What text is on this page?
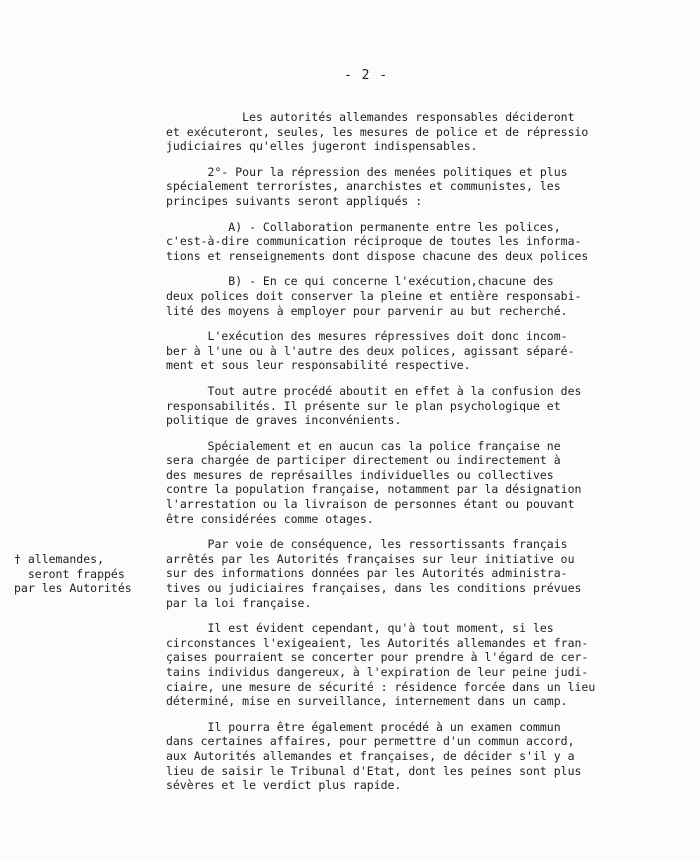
- 2 -
Les autorités allemandes responsables décideront
et exécuteront, seules, les mesures de police et de répressio
judiciaires qu'elles jugeront indispensables.
2°- Pour la répression des menées politiques et plus
spécialement terroristes, anarchistes et communistes, les
principes suivants seront appliqués :
A) - Collaboration permanente entre les polices,
c'est-à-dire communication réciproque de toutes les informa-
tions et renseignements dont dispose chacune des deux polices
B) - En ce qui concerne l'exécution,chacune des
deux polices doit conserver la pleine et entière responsabi-
lité des moyens à employer pour parvenir au but recherché.
L'exécution des mesures répressives doit donc incom-
ber à l'une ou à l'autre des deux polices, agissant séparé-
ment et sous leur responsabilité respective.
Tout autre procédé aboutit en effet à la confusion des
responsabilités. Il présente sur le plan psychologique et
politique de graves inconvénients.
Spécialement et en aucun cas la police française ne
sera chargée de participer directement ou indirectement à
des mesures de représailles individuelles ou collectives
contre la population française, notamment par la désignation
l'arrestation ou la livraison de personnes étant ou pouvant
être considérées comme otages.
Par voie de conséquence, les ressortissants français
arrêtés par les Autorités françaises sur leur initiative ou
sur des informations données par les Autorités administra-
tives ou judiciaires françaises, dans les conditions prévues
par la loi française.
Il est évident cependant, qu'à tout moment, si les
circonstances l'exigeaient, les Autorités allemandes et fran-
çaises pourraient se concerter pour prendre à l'égard de cer-
tains individus dangereux, à l'expiration de leur peine judi-
ciaire, une mesure de sécurité : résidence forcée dans un lieu
déterminé, mise en surveillance, internement dans un camp.
Il pourra être également procédé à un examen commun
dans certaines affaires, pour permettre d'un commun accord,
aux Autorités allemandes et françaises, de décider s'il y a
lieu de saisir le Tribunal d'Etat, dont les peines sont plus
sévères et le verdict plus rapide.
† allemandes,
seront frappés
par les Autorités
